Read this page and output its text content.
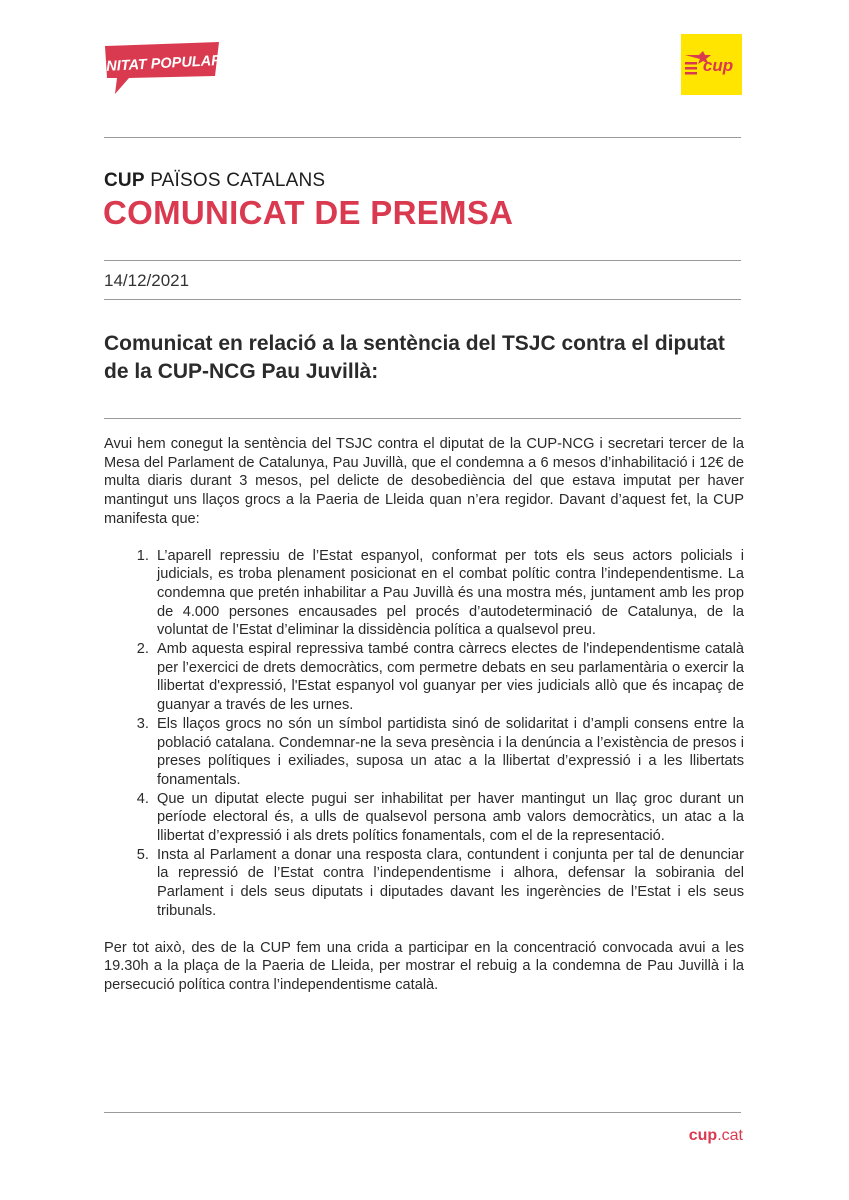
UNITAT POPULAR!	cup
CUP PAÏSOS CATALANS
COMUNICAT DE PREMSA
14/12/2021
Comunicat en relació a la sentència del TSJC contra el diputat de la CUP-NCG Pau Juvillà:

Avui hem conegut la sentència del TSJC contra el diputat de la CUP-NCG i secretari tercer de la Mesa del Parlament de Catalunya, Pau Juvillà, que el condemna a 6 mesos d’inhabilitació i 12€ de multa diaris durant 3 mesos, pel delicte de desobediència del que estava imputat per haver mantingut uns llaços grocs a la Paeria de Lleida quan n’era regidor. Davant d’aquest fet, la CUP manifesta que:

1. L’aparell repressiu de l’Estat espanyol, conformat per tots els seus actors policials i judicials, es troba plenament posicionat en el combat polític contra l’independentisme. La condemna que pretén inhabilitar a Pau Juvillà és una mostra més, juntament amb les prop de 4.000 persones encausades pel procés d’autodeterminació de Catalunya, de la voluntat de l’Estat d’eliminar la dissidència política a qualsevol preu.
2. Amb aquesta espiral repressiva també contra càrrecs electes de l'independentisme català per l’exercici de drets democràtics, com permetre debats en seu parlamentària o exercir la llibertat d'expressió, l'Estat espanyol vol guanyar per vies judicials allò que és incapaç de guanyar a través de les urnes.
3. Els llaços grocs no són un símbol partidista sinó de solidaritat i d’ampli consens entre la població catalana. Condemnar-ne la seva presència i la denúncia a l’existència de presos i preses polítiques i exiliades, suposa un atac a la llibertat d’expressió i a les llibertats fonamentals.
4. Que un diputat electe pugui ser inhabilitat per haver mantingut un llaç groc durant un període electoral és, a ulls de qualsevol persona amb valors democràtics, un atac a la llibertat d’expressió i als drets polítics fonamentals, com el de la representació.
5. Insta al Parlament a donar una resposta clara, contundent i conjunta per tal de denunciar la repressió de l’Estat contra l’independentisme i alhora, defensar la sobirania del Parlament i dels seus diputats i diputades davant les ingerències de l’Estat i els seus tribunals.

Per tot això, des de la CUP fem una crida a participar en la concentració convocada avui a les 19.30h a la plaça de la Paeria de Lleida, per mostrar el rebuig a la condemna de Pau Juvillà i la persecució política contra l’independentisme català.

cup.cat
